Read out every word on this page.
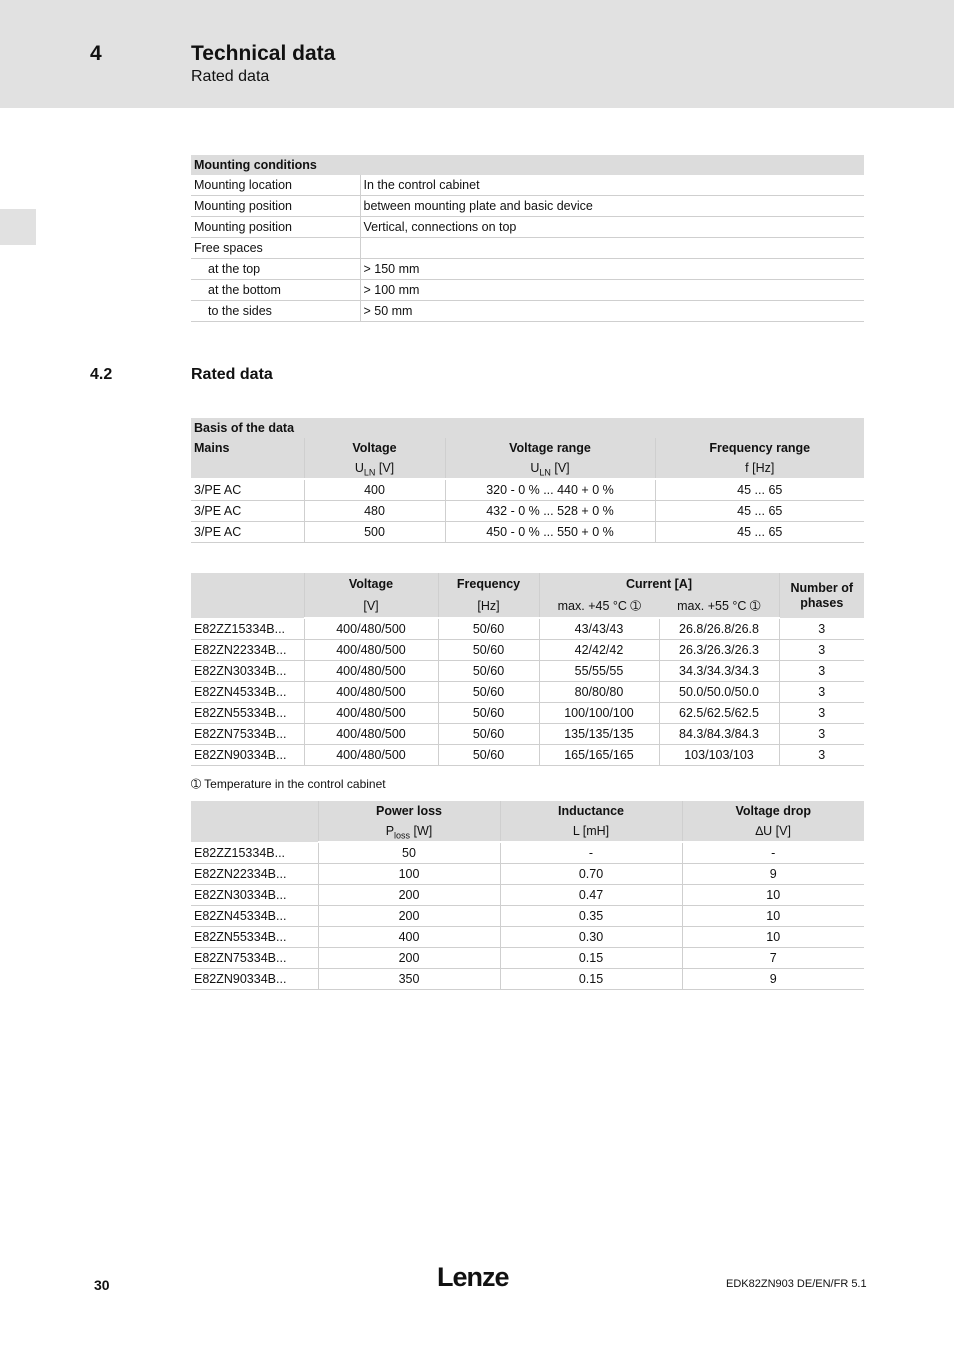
4	Technical data
Rated data
Mounting conditions	
Mounting location	In the control cabinet
Mounting position	between mounting plate and basic device
Mounting position	Vertical, connections on top
Free spaces	
at the top	> 150 mm
at the bottom	> 100 mm
to the sides	> 50 mm
4.2	Rated data
Basis of the data			
Mains	Voltage	Voltage range	Frequency range
	$U_{LN}$ [V]	$U_{LN}$ [V]	f [Hz]
3/PE AC	400	320 - 0 % ... 440 + 0 %	45 ... 65
3/PE AC	480	432 - 0 % ... 528 + 0 %	45 ... 65
3/PE AC	500	450 - 0 % ... 550 + 0 %	45 ... 65
	Voltage	Frequency	Current [A]		Number of phases
	[V]	[Hz]	max. +45 °C ➀	max. +55 °C ➀	
E82ZZ15334B...	400/480/500	50/60	43/43/43	26.8/26.8/26.8	3
E82ZN22334B...	400/480/500	50/60	42/42/42	26.3/26.3/26.3	3
E82ZN30334B...	400/480/500	50/60	55/55/55	34.3/34.3/34.3	3
E82ZN45334B...	400/480/500	50/60	80/80/80	50.0/50.0/50.0	3
E82ZN55334B...	400/480/500	50/60	100/100/100	62.5/62.5/62.5	3
E82ZN75334B...	400/480/500	50/60	135/135/135	84.3/84.3/84.3	3
E82ZN90334B...	400/480/500	50/60	165/165/165	103/103/103	3
➀ Temperature in the control cabinet
	Power loss	Inductance	Voltage drop
	$P_{loss}$ [W]	L [mH]	∆U [V]
E82ZZ15334B...	50	-	-
E82ZN22334B...	100	0.70	9
E82ZN30334B...	200	0.47	10
E82ZN45334B...	200	0.35	10
E82ZN55334B...	400	0.30	10
E82ZN75334B...	200	0.15	7
E82ZN90334B...	350	0.15	9
30	Lenze	EDK82ZN903 DE/EN/FR 5.1
